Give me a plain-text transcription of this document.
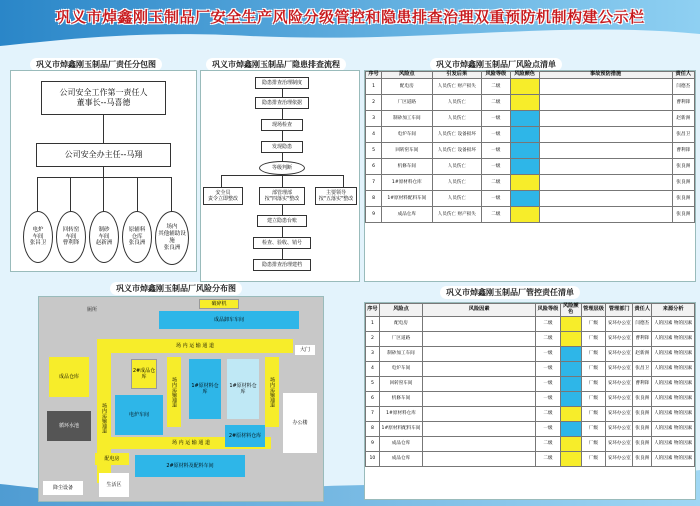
巩义市焯鑫刚玉制品厂安全生产风险分级管控和隐患排查治理双重预防机制构建公示栏
巩义市焯鑫刚玉制品厂责任分包图
公司安全工作第一责任人
董事长--马喜德
公司安全办主任--马翔
电炉
车间
张昌卫
回转窑
车间
曹利锋
制砂
车间
赵新洲
原辅料
仓库
张良洲
场内
其他辅助设施
张良洲
巩义市焯鑫刚玉制品厂隐患排查流程
隐患排查治理制度
隐患排查治理依据
现场检查
发现隐患
等级判断
安全员
责令立即整改
部管理部
按"四落实"整改
主要领导
按"五落实"整改
建立隐患台账
检查、验收、销号
隐患排查治理建档
巩义市焯鑫刚玉制品厂风险点清单
序号	风险点	引发后果	风险等级	风险颜色	事故预防措施	责任人
1	配电房	人员伤亡 财产损失	二级			闫德杰
2	厂区道路	人员伤亡	二级			曹利锋
3	制砂加工车间	人员伤亡	一级			赵新洲
4	电炉车间	人员伤亡 设备损坏	一级			张昌卫
5	回转窑车间	人员伤亡 设备损坏	一级			曹利锋
6	机修车间	人员伤亡	一级			张良洲
7	1#原材料仓库	人员伤亡	二级			张良洲
8	1#原材料配料车间	人员伤亡	一级			张良洲
9	成品仓库	人员伤亡 财产损失	二级			张良洲
巩义市焯鑫刚玉制品厂风险分布图
厕所
破碎机
成品卸车车间
场 内 运 输 通 道
场内运输通道
成品仓库
2#成品仓库	场内运输通道	1#原材料仓库
1#原材料仓库	场内运输通道
大门
电炉车间
办公楼
场 内 运 输 通 道
循环水池
2#原材料仓库
配电房
2#原材料及配料车间
降尘设备	生活区
巩义市焯鑫刚玉制品厂管控责任清单
序号	风险点	风险因素	风险等级	风险颜色	管理层级	管理部门	责任人	来源分析
1	配电房		二级		厂级	安环办公室	闫德杰	人的因素 物的因素
2	厂区道路		二级		厂级	安环办公室	曹利锋	人的因素 物的因素
3	制砂加工车间		一级		厂级	安环办公室	赵新洲	人的因素 物的因素
4	电炉车间		一级		厂级	安环办公室	张昌卫	人的因素 物的因素
5	回转窑车间		一级		厂级	安环办公室	曹利锋	人的因素 物的因素
6	机修车间		一级		厂级	安环办公室	张良洲	人的因素 物的因素
7	1#原材料仓库		二级		厂级	安环办公室	张良洲	人的因素 物的因素
8	1#原材料配料车间		一级		厂级	安环办公室	张良洲	人的因素 物的因素
9	成品仓库		二级		厂级	安环办公室	张良洲	人的因素 物的因素
10	成品仓库		二级		厂级	安环办公室	张良洲	人的因素 物的因素
